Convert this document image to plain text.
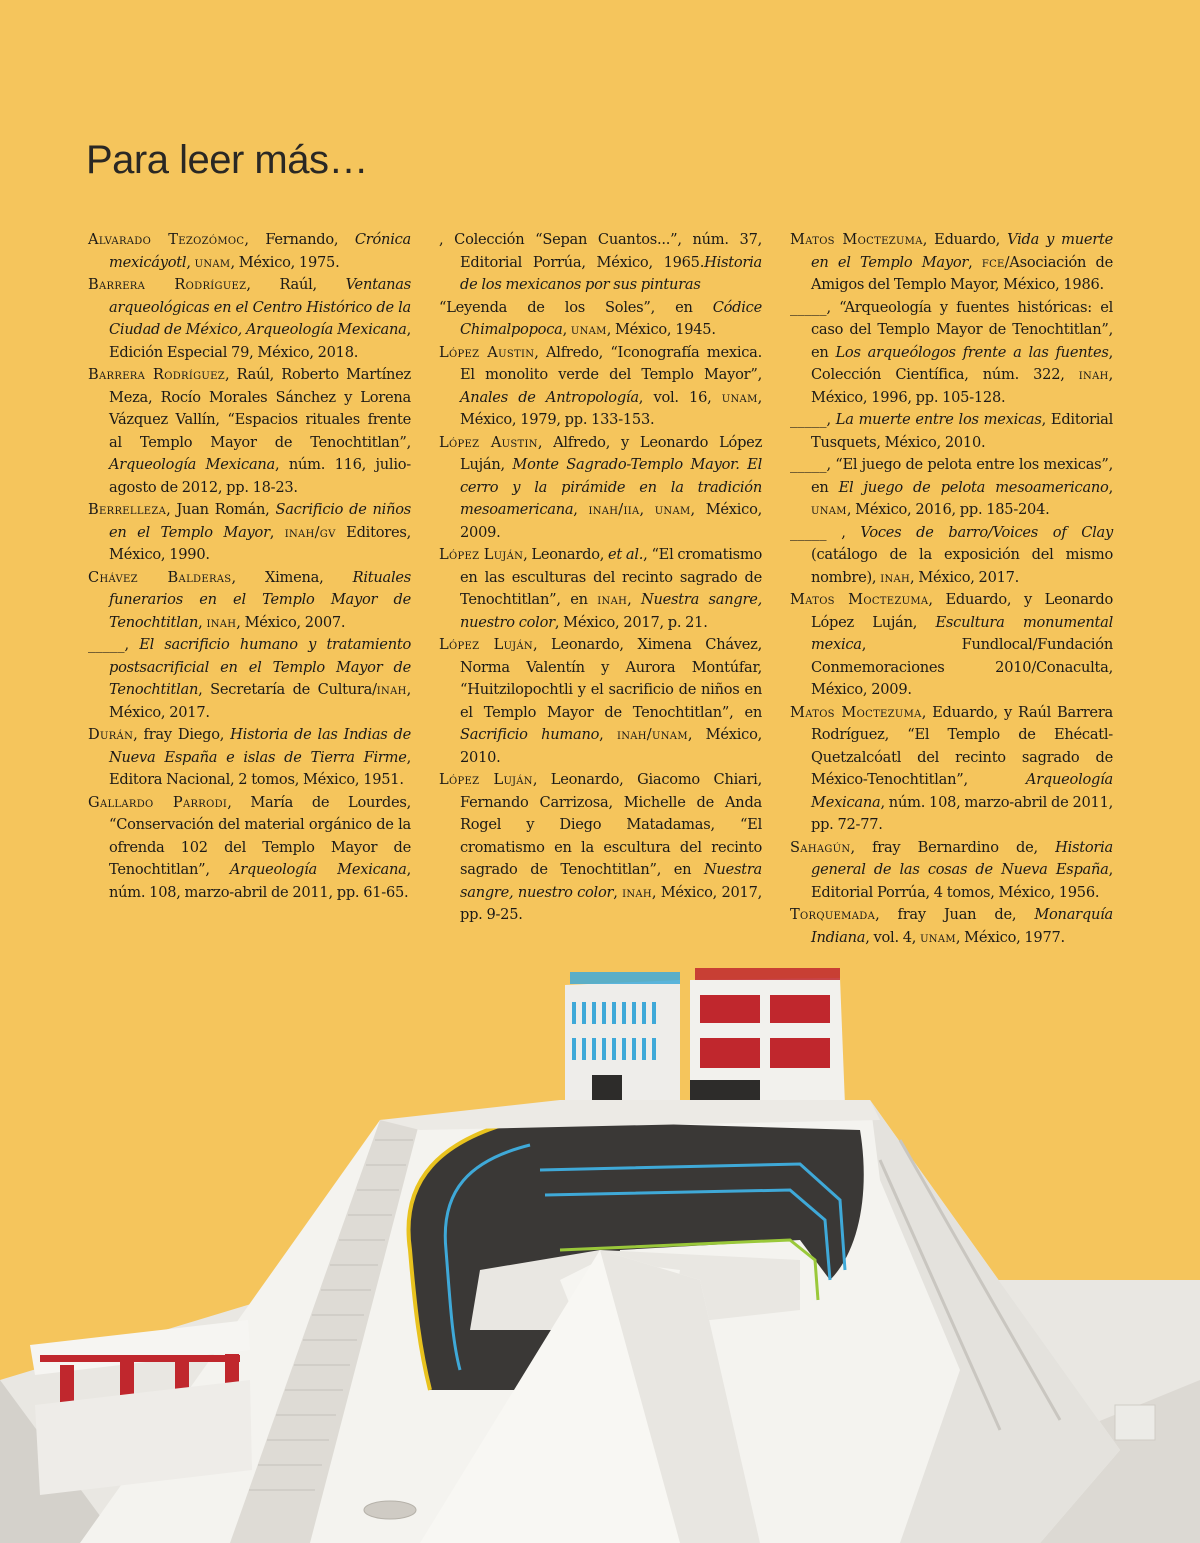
Para leer más…

Alvarado Tezozómoc, Fernando, Crónica mexicáyotl, unam, México, 1975.

Barrera Rodríguez, Raúl, Ventanas arqueológicas en el Centro Histórico de la Ciudad de México, Arqueología Mexicana, Edición Especial 79, México, 2018.

Barrera Rodríguez, Raúl, Roberto Martínez Meza, Rocío Morales Sánchez y Lorena Vázquez Vallín, “Espacios rituales frente al Templo Mayor de Tenochtitlan”, Arqueología Mexicana, núm. 116, julio-agosto de 2012, pp. 18-23.

Berrelleza, Juan Román, Sacrificio de niños en el Templo Mayor, inah/gv Editores, México, 1990.

Chávez Balderas, Ximena, Rituales funerarios en el Templo Mayor de Tenochtitlan, inah, México, 2007.

_____, El sacrificio humano y tratamiento postsacrificial en el Templo Mayor de Tenochtitlan, Secretaría de Cultura/inah, México, 2017.

Durán, fray Diego, Historia de las Indias de Nueva España e islas de Tierra Firme, Editora Nacional, 2 tomos, México, 1951.

Gallardo Parrodi, María de Lourdes, “Conservación del material orgánico de la ofrenda 102 del Templo Mayor de Tenochtitlan”, Arqueología Mexicana, núm. 108, marzo-abril de 2011, pp. 61-65.

, Colección “Sepan Cuantos...”, núm. 37, Editorial Porrúa, México, 1965.Historia de los mexicanos por sus pinturas

“Leyenda de los Soles”, en Códice Chimalpopoca, unam, México, 1945.

López Austin, Alfredo, “Iconografía mexica. El monolito verde del Templo Mayor”, Anales de Antropología, vol. 16, unam, México, 1979, pp. 133-153.

López Austin, Alfredo, y Leonardo López Luján, Monte Sagrado-Templo Mayor. El cerro y la pirámide en la tradición mesoamericana, inah/iia, unam, México, 2009.

López Luján, Leonardo, et al., “El cromatismo en las esculturas del recinto sagrado de Tenochtitlan”, en inah, Nuestra sangre, nuestro color, México, 2017, p. 21.

López Luján, Leonardo, Ximena Chávez, Norma Valentín y Aurora Montúfar, “Huitzilopochtli y el sacrificio de niños en el Templo Mayor de Tenochtitlan”, en Sacrificio humano, inah/unam, México, 2010.

López Luján, Leonardo, Giacomo Chiari, Fernando Carrizosa, Michelle de Anda Rogel y Diego Matadamas, “El cromatismo en la escultura del recinto sagrado de Tenochtitlan”, en Nuestra sangre, nuestro color, inah, México, 2017, pp. 9-25.

Matos Moctezuma, Eduardo, Vida y muerte en el Templo Mayor, fce/Asociación de Amigos del Templo Mayor, México, 1986.

_____, “Arqueología y fuentes históricas: el caso del Templo Mayor de Tenochtitlan”, en Los arqueólogos frente a las fuentes, Colección Científica, núm. 322, inah, México, 1996, pp. 105-128.

_____, La muerte entre los mexicas, Editorial Tusquets, México, 2010.

_____, “El juego de pelota entre los mexicas”, en El juego de pelota mesoamericano, unam, México, 2016, pp. 185-204.

_____ , Voces de barro/Voices of Clay (catálogo de la exposición del mismo nombre), inah, México, 2017.

Matos Moctezuma, Eduardo, y Leonardo López Luján, Escultura monumental mexica, Fundlocal/Fundación Conmemoraciones 2010/Conaculta, México, 2009.

Matos Moctezuma, Eduardo, y Raúl Barrera Rodríguez, “El Templo de Ehécatl-Quetzalcóatl del recinto sagrado de México-Tenochtitlan”, Arqueología Mexicana, núm. 108, marzo-abril de 2011, pp. 72-77.

Sahagún, fray Bernardino de, Historia general de las cosas de Nueva España, Editorial Porrúa, 4 tomos, México, 1956.

Torquemada, fray Juan de, Monarquía Indiana, vol. 4, unam, México, 1977.
